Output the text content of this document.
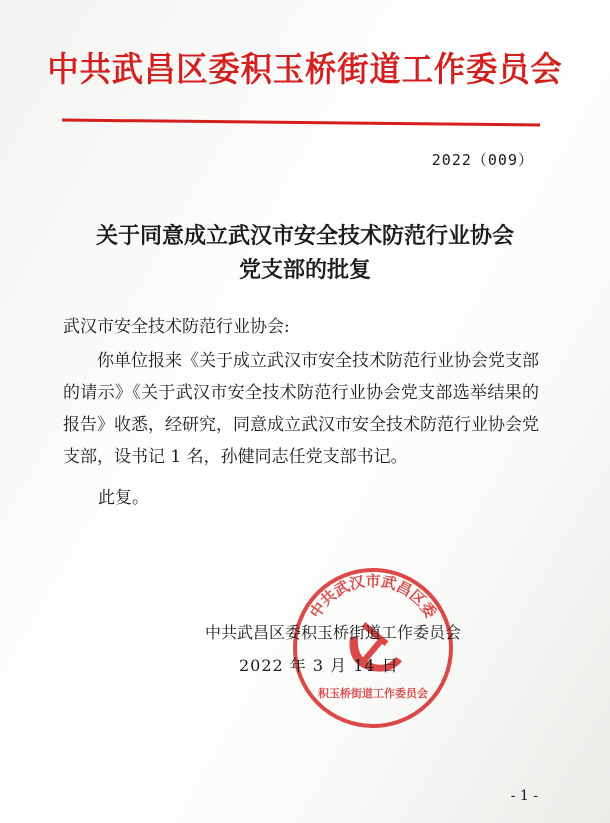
中共武昌区委积玉桥街道工作委员会
2022（009）
关于同意成立武汉市安全技术防范行业协会
党支部的批复
武汉市安全技术防范行业协会:

你单位报来《关于成立武汉市安全技术防范行业协会党支部的请示》《关于武汉市安全技术防范行业协会党支部选举结果的报告》收悉，经研究，同意成立武汉市安全技术防范行业协会党支部，设书记 1 名，孙健同志任党支部书记。

此复。
中共武汉市武昌区委
积玉桥街道工作委员会
中共武昌区委积玉桥街道工作委员会
2022 年 3 月 14 日
- 1 -
